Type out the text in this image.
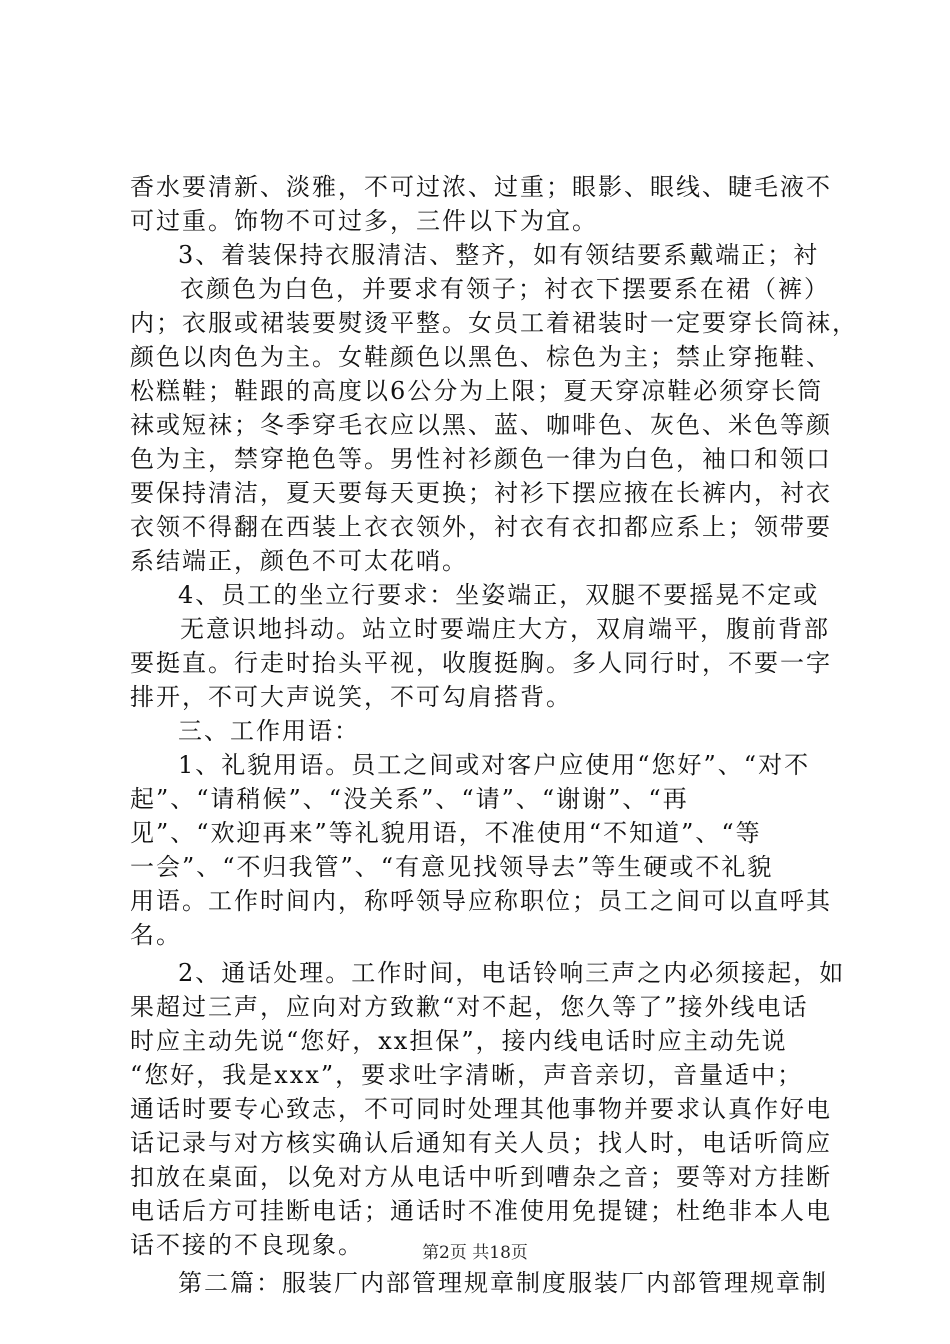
香水要清新、淡雅，不可过浓、过重；眼影、眼线、睫毛液不
可过重。饰物不可过多，三件以下为宜。
3、着装保持衣服清洁、整齐，如有领结要系戴端正；衬
衣颜色为白色，并要求有领子；衬衣下摆要系在裙（裤）
内；衣服或裙装要熨烫平整。女员工着裙装时一定要穿长筒袜，
颜色以肉色为主。女鞋颜色以黑色、棕色为主；禁止穿拖鞋、
松糕鞋；鞋跟的高度以6公分为上限；夏天穿凉鞋必须穿长筒
袜或短袜；冬季穿毛衣应以黑、蓝、咖啡色、灰色、米色等颜
色为主，禁穿艳色等。男性衬衫颜色一律为白色，袖口和领口
要保持清洁，夏天要每天更换；衬衫下摆应掖在长裤内，衬衣
衣领不得翻在西装上衣衣领外，衬衣有衣扣都应系上；领带要
系结端正，颜色不可太花哨。
4、员工的坐立行要求：坐姿端正，双腿不要摇晃不定或
无意识地抖动。站立时要端庄大方，双肩端平，腹前背部
要挺直。行走时抬头平视，收腹挺胸。多人同行时，不要一字
排开，不可大声说笑，不可勾肩搭背。
三、工作用语：
1、礼貌用语。员工之间或对客户应使用“您好”、“对不
起”、“请稍候”、“没关系”、“请”、“谢谢”、“再
见”、“欢迎再来”等礼貌用语，不准使用“不知道”、“等
一会”、“不归我管”、“有意见找领导去”等生硬或不礼貌
用语。工作时间内，称呼领导应称职位；员工之间可以直呼其
名。
2、通话处理。工作时间，电话铃响三声之内必须接起，如
果超过三声，应向对方致歉“对不起，您久等了”接外线电话
时应主动先说“您好，xx担保”，接内线电话时应主动先说
“您好，我是xxx”，要求吐字清晰，声音亲切，音量适中；
通话时要专心致志，不可同时处理其他事物并要求认真作好电
话记录与对方核实确认后通知有关人员；找人时，电话听筒应
扣放在桌面，以免对方从电话中听到嘈杂之音；要等对方挂断
电话后方可挂断电话；通话时不准使用免提键；杜绝非本人电
话不接的不良现象。
第二篇：服装厂内部管理规章制度服装厂内部管理规章制
第2页 共18页
